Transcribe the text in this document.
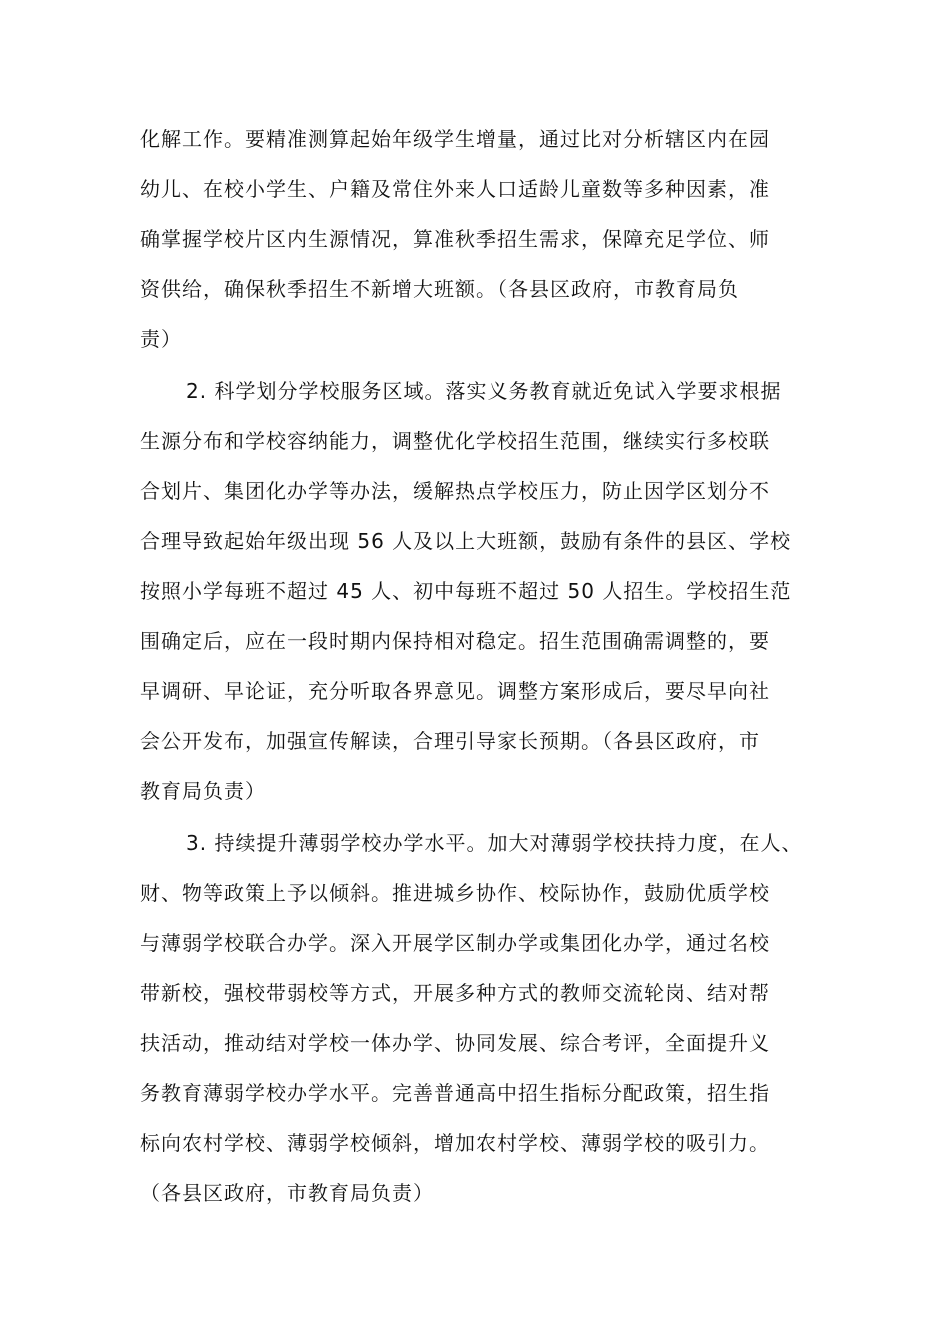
化解工作。要精准测算起始年级学生增量，通过比对分析辖区内在园
幼儿、在校小学生、户籍及常住外来人口适龄儿童数等多种因素，准
确掌握学校片区内生源情况，算准秋季招生需求，保障充足学位、师
资供给，确保秋季招生不新增大班额。（各县区政府，市教育局负
责）
2. 科学划分学校服务区域。落实义务教育就近免试入学要求根据
生源分布和学校容纳能力，调整优化学校招生范围，继续实行多校联
合划片、集团化办学等办法，缓解热点学校压力，防止因学区划分不
合理导致起始年级出现 56 人及以上大班额，鼓励有条件的县区、学校
按照小学每班不超过 45 人、初中每班不超过 50 人招生。学校招生范
围确定后，应在一段时期内保持相对稳定。招生范围确需调整的，要
早调研、早论证，充分听取各界意见。调整方案形成后，要尽早向社
会公开发布，加强宣传解读，合理引导家长预期。（各县区政府，市
教育局负责）
3. 持续提升薄弱学校办学水平。加大对薄弱学校扶持力度，在人、
财、物等政策上予以倾斜。推进城乡协作、校际协作，鼓励优质学校
与薄弱学校联合办学。深入开展学区制办学或集团化办学，通过名校
带新校，强校带弱校等方式，开展多种方式的教师交流轮岗、结对帮
扶活动，推动结对学校一体办学、协同发展、综合考评，全面提升义
务教育薄弱学校办学水平。完善普通高中招生指标分配政策，招生指
标向农村学校、薄弱学校倾斜，增加农村学校、薄弱学校的吸引力。
（各县区政府，市教育局负责）
